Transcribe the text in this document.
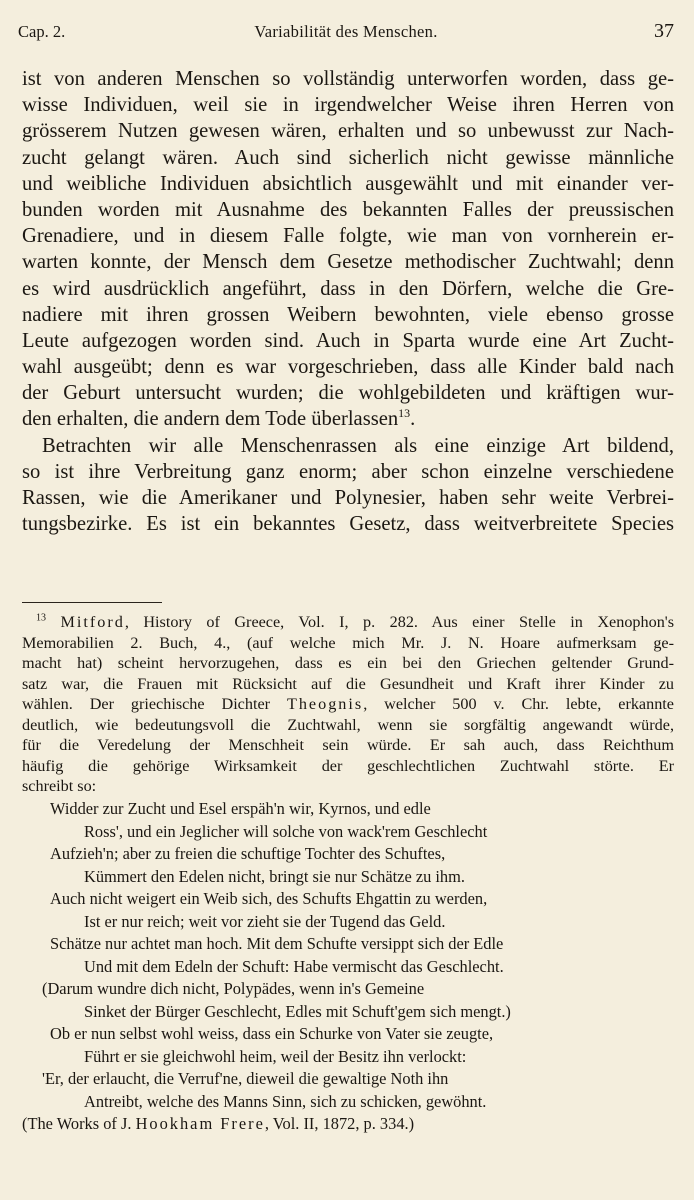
Cap. 2.	Variabilität des Menschen.	37
ist von anderen Menschen so vollständig unterworfen worden, dass ge-
wisse Individuen, weil sie in irgendwelcher Weise ihren Herren von
grösserem Nutzen gewesen wären, erhalten und so unbewusst zur Nach-
zucht gelangt wären. Auch sind sicherlich nicht gewisse männliche
und weibliche Individuen absichtlich ausgewählt und mit einander ver-
bunden worden mit Ausnahme des bekannten Falles der preussischen
Grenadiere, und in diesem Falle folgte, wie man von vornherein er-
warten konnte, der Mensch dem Gesetze methodischer Zuchtwahl; denn
es wird ausdrücklich angeführt, dass in den Dörfern, welche die Gre-
nadiere mit ihren grossen Weibern bewohnten, viele ebenso grosse
Leute aufgezogen worden sind. Auch in Sparta wurde eine Art Zucht-
wahl ausgeübt; denn es war vorgeschrieben, dass alle Kinder bald nach
der Geburt untersucht wurden; die wohlgebildeten und kräftigen wur-
den erhalten, die andern dem Tode überlassen$^{13}$.
Betrachten wir alle Menschenrassen als eine einzige Art bildend,
so ist ihre Verbreitung ganz enorm; aber schon einzelne verschiedene
Rassen, wie die Amerikaner und Polynesier, haben sehr weite Verbrei-
tungsbezirke. Es ist ein bekanntes Gesetz, dass weitverbreitete Species
$^{13}$ Mitford, History of Greece, Vol. I, p. 282. Aus einer Stelle in Xenophon's
Memorabilien 2. Buch, 4., (auf welche mich Mr. J. N. Hoare aufmerksam ge-
macht hat) scheint hervorzugehen, dass es ein bei den Griechen geltender Grund-
satz war, die Frauen mit Rücksicht auf die Gesundheit und Kraft ihrer Kinder zu
wählen. Der griechische Dichter Theognis, welcher 500 v. Chr. lebte, erkannte
deutlich, wie bedeutungsvoll die Zuchtwahl, wenn sie sorgfältig angewandt würde,
für die Veredelung der Menschheit sein würde. Er sah auch, dass Reichthum
häufig die gehörige Wirksamkeit der geschlechtlichen Zuchtwahl störte. Er
schreibt so:
Widder zur Zucht und Esel erspäh'n wir, Kyrnos, und edle
Ross', und ein Jeglicher will solche von wack'rem Geschlecht
Aufzieh'n; aber zu freien die schuftige Tochter des Schuftes,
Kümmert den Edelen nicht, bringt sie nur Schätze zu ihm.
Auch nicht weigert ein Weib sich, des Schufts Ehgattin zu werden,
Ist er nur reich; weit vor zieht sie der Tugend das Geld.
Schätze nur achtet man hoch. Mit dem Schufte versippt sich der Edle
Und mit dem Edeln der Schuft: Habe vermischt das Geschlecht.
(Darum wundre dich nicht, Polypädes, wenn in's Gemeine
Sinket der Bürger Geschlecht, Edles mit Schuft'gem sich mengt.)
Ob er nun selbst wohl weiss, dass ein Schurke von Vater sie zeugte,
Führt er sie gleichwohl heim, weil der Besitz ihn verlockt:
'Er, der erlaucht, die Verruf'ne, dieweil die gewaltige Noth ihn
Antreibt, welche des Manns Sinn, sich zu schicken, gewöhnt.
(The Works of J. Hookham Frere, Vol. II, 1872, p. 334.)
